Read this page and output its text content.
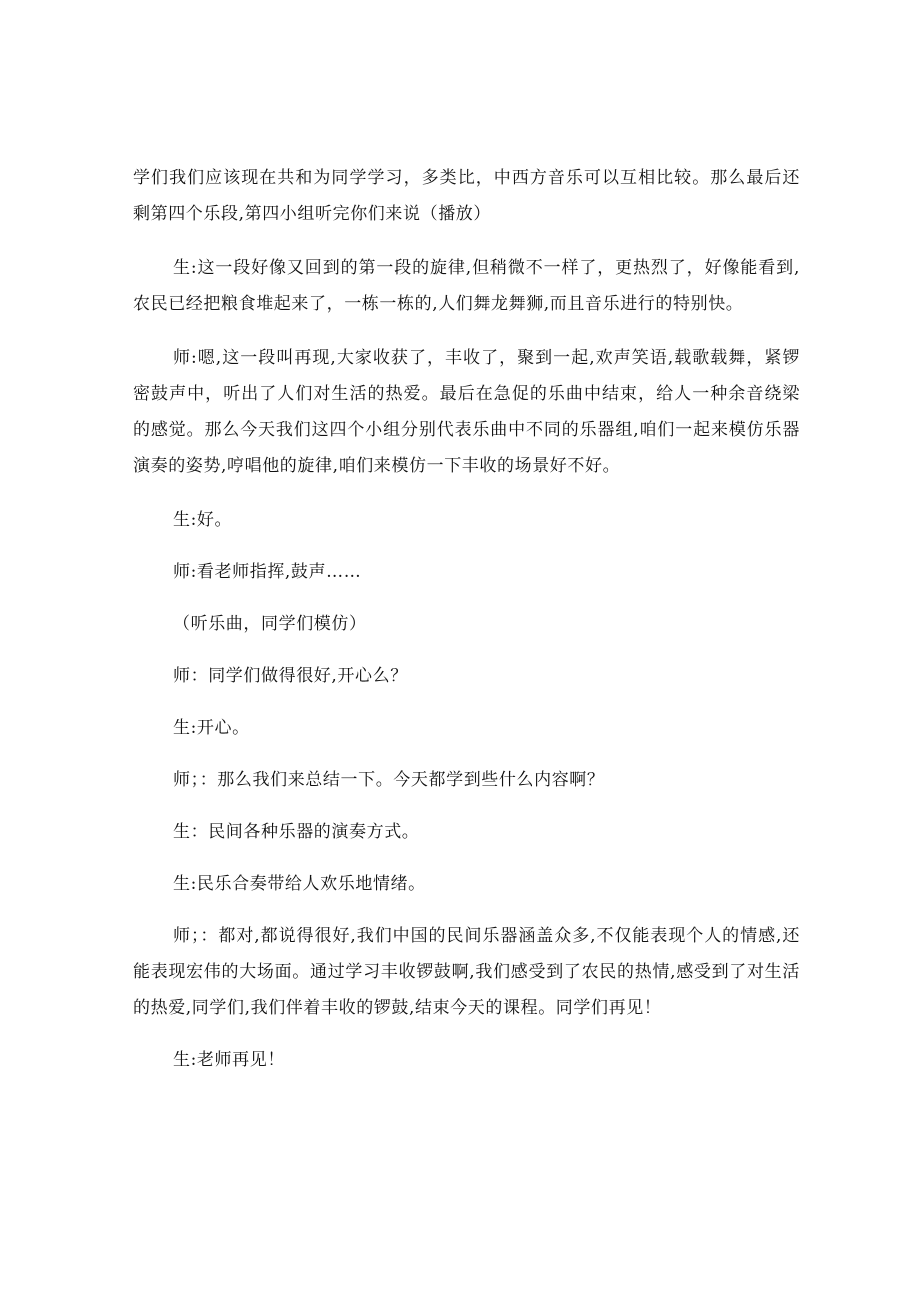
学们我们应该现在共和为同学学习，多类比，中西方音乐可以互相比较。那么最后还剩第四个乐段,第四小组听完你们来说（播放）

生:这一段好像又回到的第一段的旋律,但稍微不一样了，更热烈了，好像能看到,农民已经把粮食堆起来了，一栋一栋的,人们舞龙舞狮,而且音乐进行的特别快。

师:嗯,这一段叫再现,大家收获了，丰收了，聚到一起,欢声笑语,载歌载舞，紧锣密鼓声中，听出了人们对生活的热爱。最后在急促的乐曲中结束，给人一种余音绕梁的感觉。那么今天我们这四个小组分别代表乐曲中不同的乐器组,咱们一起来模仿乐器演奏的姿势,哼唱他的旋律,咱们来模仿一下丰收的场景好不好。

生:好。

师:看老师指挥,鼓声……

（听乐曲，同学们模仿）

师：同学们做得很好,开心么？

生:开心。

师；：那么我们来总结一下。今天都学到些什么内容啊？

生：民间各种乐器的演奏方式。

生:民乐合奏带给人欢乐地情绪。

师；：都对,都说得很好,我们中国的民间乐器涵盖众多,不仅能表现个人的情感,还能表现宏伟的大场面。通过学习丰收锣鼓啊,我们感受到了农民的热情,感受到了对生活的热爱,同学们,我们伴着丰收的锣鼓,结束今天的课程。同学们再见！

生:老师再见！
